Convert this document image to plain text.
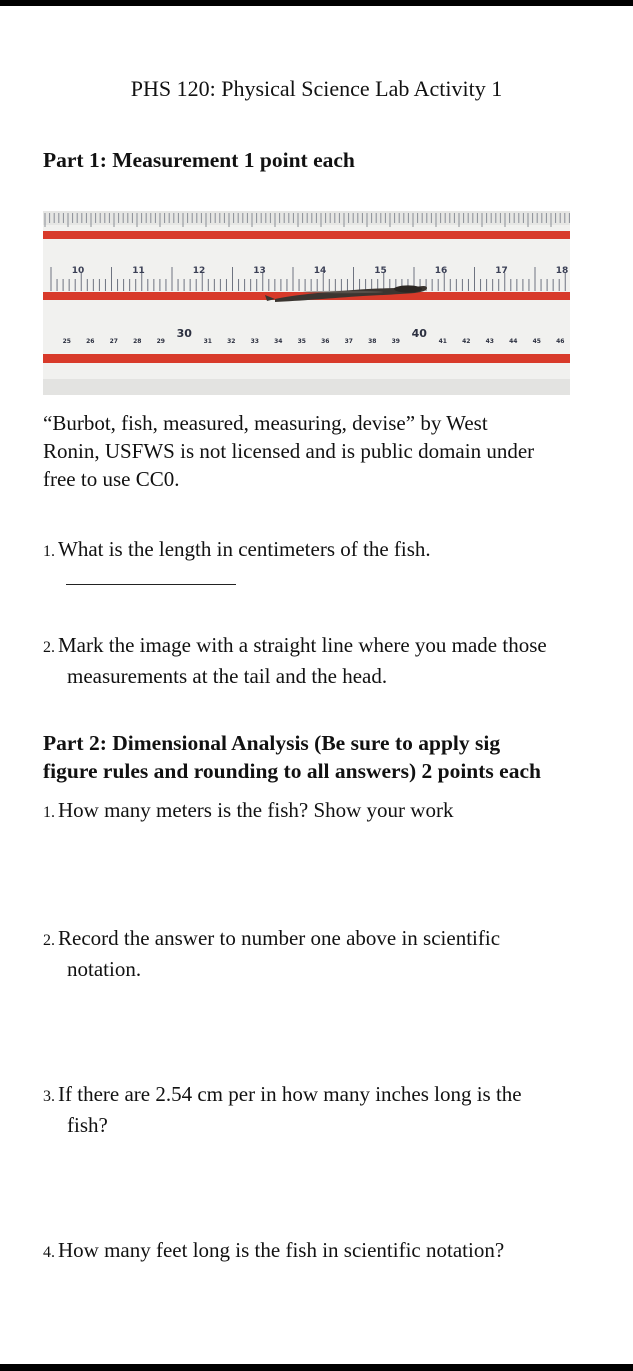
PHS 120: Physical Science Lab Activity 1
Part 1: Measurement 1 point each
10	11	12	13	14	15	16	17	18
25	26	27	28	29
30
31	32	33	34	35	36	37	38	39
40
41	42	43	44	45	46
“Burbot, fish, measured, measuring, devise” by West
Ronin, USFWS is not licensed and is public domain under
free to use CC0.
1. What is the length in centimeters of the fish.
2. Mark the image with a straight line where you made those
measurements at the tail and the head.
Part 2: Dimensional Analysis (Be sure to apply sig
figure rules and rounding to all answers) 2 points each
1. How many meters is the fish? Show your work
2. Record the answer to number one above in scientific
notation.
3. If there are 2.54 cm per in how many inches long is the
fish?
4. How many feet long is the fish in scientific notation?
